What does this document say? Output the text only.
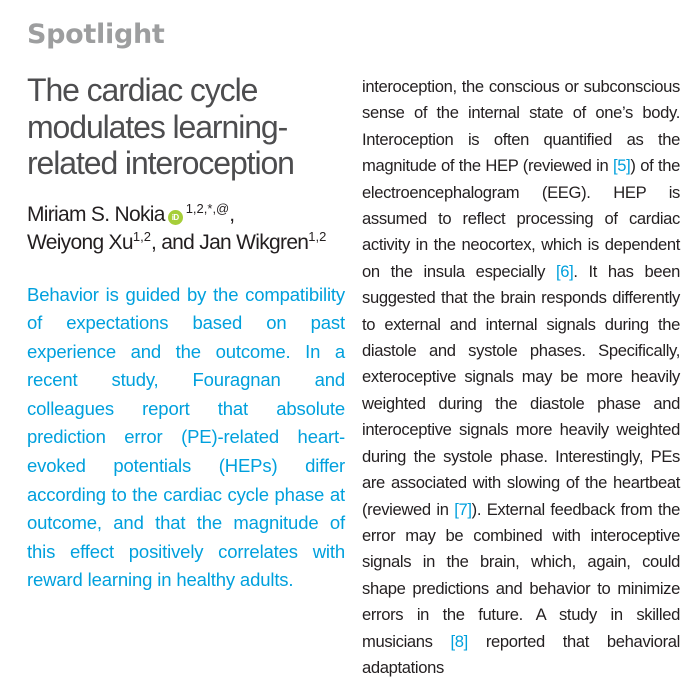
Spotlight
The cardiac cycle modulates learning-related interoception

Miriam S. Nokia $iD^{1,2,*,@}$,
Weiyong Xu$^{1,2}$, and Jan Wikgren$^{1,2}$

Behavior is guided by the compatibility of expectations based on past experience and the outcome. In a recent study, Fouragnan and colleagues report that absolute prediction error (PE)-related heart-evoked potentials (HEPs) differ according to the cardiac cycle phase at outcome, and that the magnitude of this effect positively correlates with reward learning in healthy adults.

interoception, the conscious or subconscious sense of the internal state of one’s body. Interoception is often quantified as the magnitude of the HEP (reviewed in [5]) of the electroencephalogram (EEG). HEP is assumed to reflect processing of cardiac activity in the neocortex, which is dependent on the insula especially [6]. It has been suggested that the brain responds differently to external and internal signals during the diastole and systole phases. Specifically, exteroceptive signals may be more heavily weighted during the diastole phase and interoceptive signals more heavily weighted during the systole phase. Interestingly, PEs are associated with slowing of the heartbeat (reviewed in [7]). External feedback from the error may be combined with interoceptive signals in the brain, which, again, could shape predictions and behavior to minimize errors in the future. A study in skilled musicians [8] reported that behavioral adaptations
